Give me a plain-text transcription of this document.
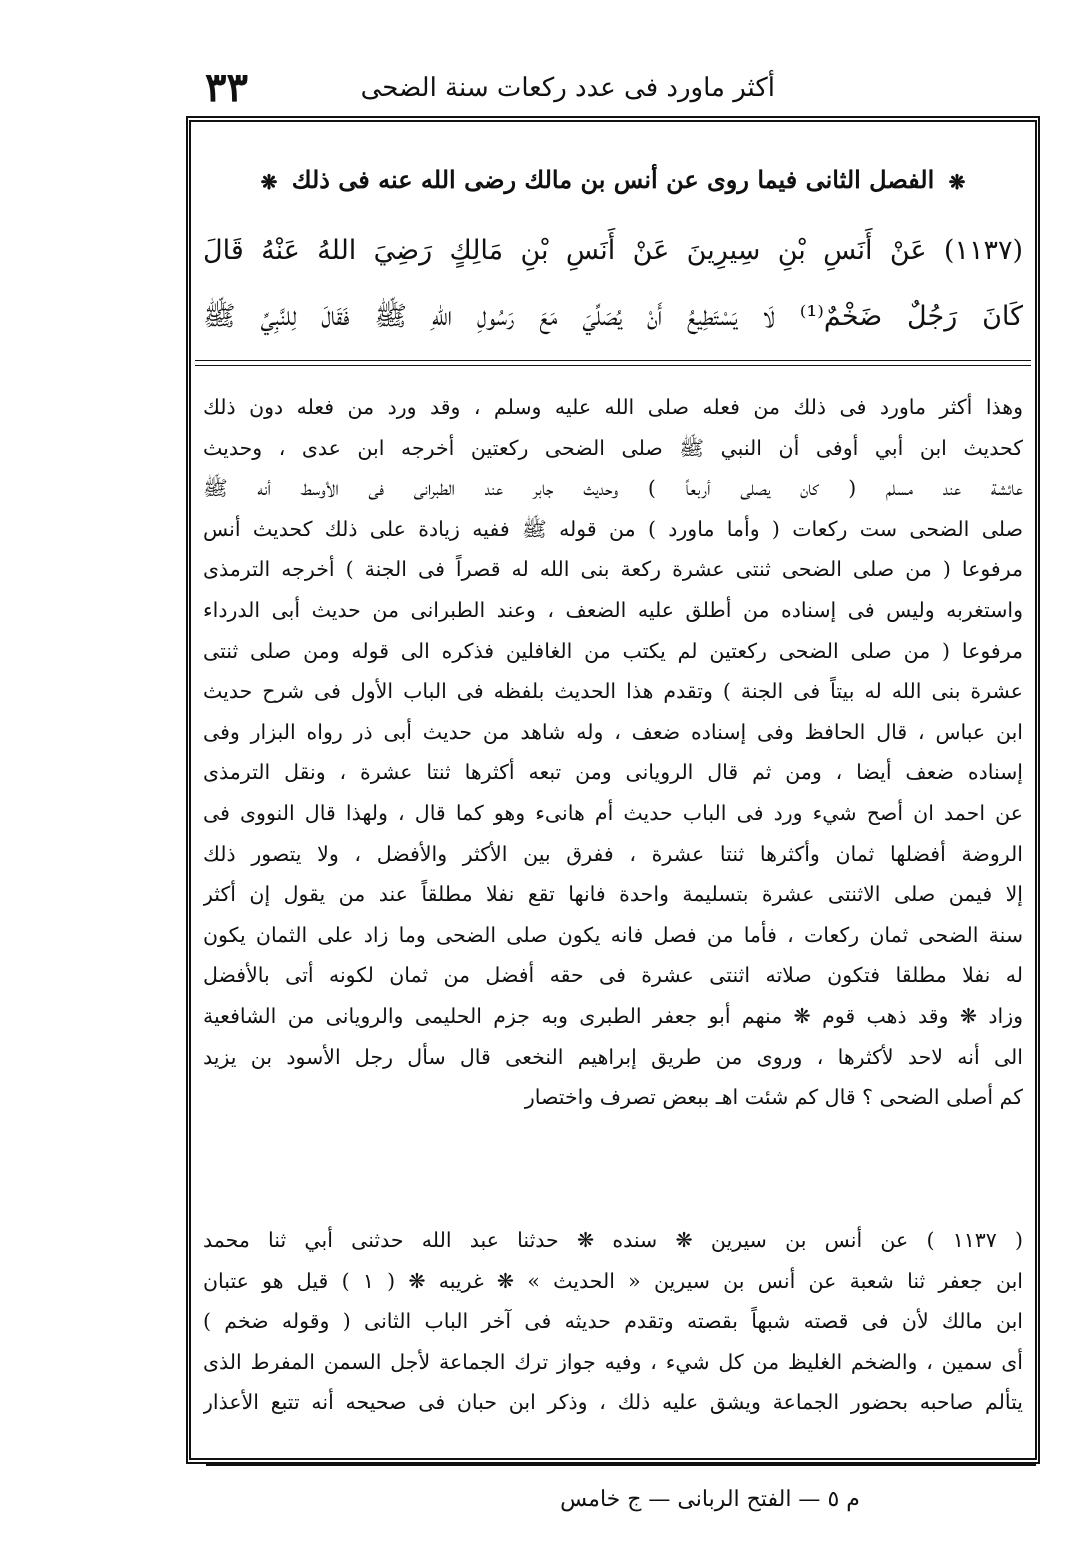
أكثر ماورد فى عدد ركعات سنة الضحى
٣٣
❋ الفصل الثانى فيما روى عن أنس بن مالك رضى الله عنه فى ذلك ❋
(١١٣٧) عَنْ أَنَسِ بْنِ سِيرِينَ عَنْ أَنَسِ بْنِ مَالِكٍ رَضِيَ اللهُ عَنْهُ قَالَ
كَانَ رَجُلٌ ضَخْمٌ⁽¹⁾ لَا يَسْتَطِيعُ أَنْ يُصَلِّيَ مَعَ رَسُولِ اللهِ ﷺ فَقَالَ لِلنَّبِيِّ ﷺ
وهذا أكثر ماورد فى ذلك من فعله صلى الله عليه وسلم ، وقد ورد من فعله دون ذلك
كحديث ابن أبي أوفى أن النبي ﷺ صلى الضحى ركعتين أخرجه ابن عدى ، وحديث
عائشة عند مسلم ( كان يصلى أربعاً ) وحديث جابر عند الطبرانى فى الأوسط أنه ﷺ
صلى الضحى ست ركعات ( وأما ماورد ) من قوله ﷺ ففيه زيادة على ذلك كحديث أنس
مرفوعا ( من صلى الضحى ثنتى عشرة ركعة بنى الله له قصراً فى الجنة ) أخرجه الترمذى
واستغربه وليس فى إسناده من أطلق عليه الضعف ، وعند الطبرانى من حديث أبى الدرداء
مرفوعا ( من صلى الضحى ركعتين لم يكتب من الغافلين فذكره الى قوله ومن صلى ثنتى
عشرة بنى الله له بيتاً فى الجنة ) وتقدم هذا الحديث بلفظه فى الباب الأول فى شرح حديث
ابن عباس ، قال الحافظ وفى إسناده ضعف ، وله شاهد من حديث أبى ذر رواه البزار وفى
إسناده ضعف أيضا ، ومن ثم قال الرويانى ومن تبعه أكثرها ثنتا عشرة ، ونقل الترمذى
عن احمد ان أصح شيء ورد فى الباب حديث أم هانىء وهو كما قال ، ولهذا قال النووى فى
الروضة أفضلها ثمان وأكثرها ثنتا عشرة ، ففرق بين الأكثر والأفضل ، ولا يتصور ذلك
إلا فيمن صلى الاثنتى عشرة بتسليمة واحدة فانها تقع نفلا مطلقاً عند من يقول إن أكثر
سنة الضحى ثمان ركعات ، فأما من فصل فانه يكون صلى الضحى وما زاد على الثمان يكون
له نفلا مطلقا فتكون صلاته اثنتى عشرة فى حقه أفضل من ثمان لكونه أتى بالأفضل
وزاد ❋ وقد ذهب قوم ❋ منهم أبو جعفر الطبرى وبه جزم الحليمى والرويانى من الشافعية
الى أنه لاحد لأكثرها ، وروى من طريق إبراهيم النخعى قال سأل رجل الأسود بن يزيد
كم أصلى الضحى ؟ قال كم شئت اهـ ببعض تصرف واختصار
( ١١٣٧ ) عن أنس بن سيرين ❋ سنده ❋ حدثنا عبد الله حدثنى أبي ثنا محمد
ابن جعفر ثنا شعبة عن أنس بن سيرين « الحديث » ❋ غريبه ❋ ( ١ ) قيل هو عتبان
ابن مالك لأن فى قصته شبهاً بقصته وتقدم حديثه فى آخر الباب الثانى ( وقوله ضخم )
أى سمين ، والضخم الغليظ من كل شيء ، وفيه جواز ترك الجماعة لأجل السمن المفرط الذى
يتألم صاحبه بحضور الجماعة ويشق عليه ذلك ، وذكر ابن حبان فى صحيحه أنه تتبع الأعذار
م ٥ — الفتح الربانى — ج خامس
